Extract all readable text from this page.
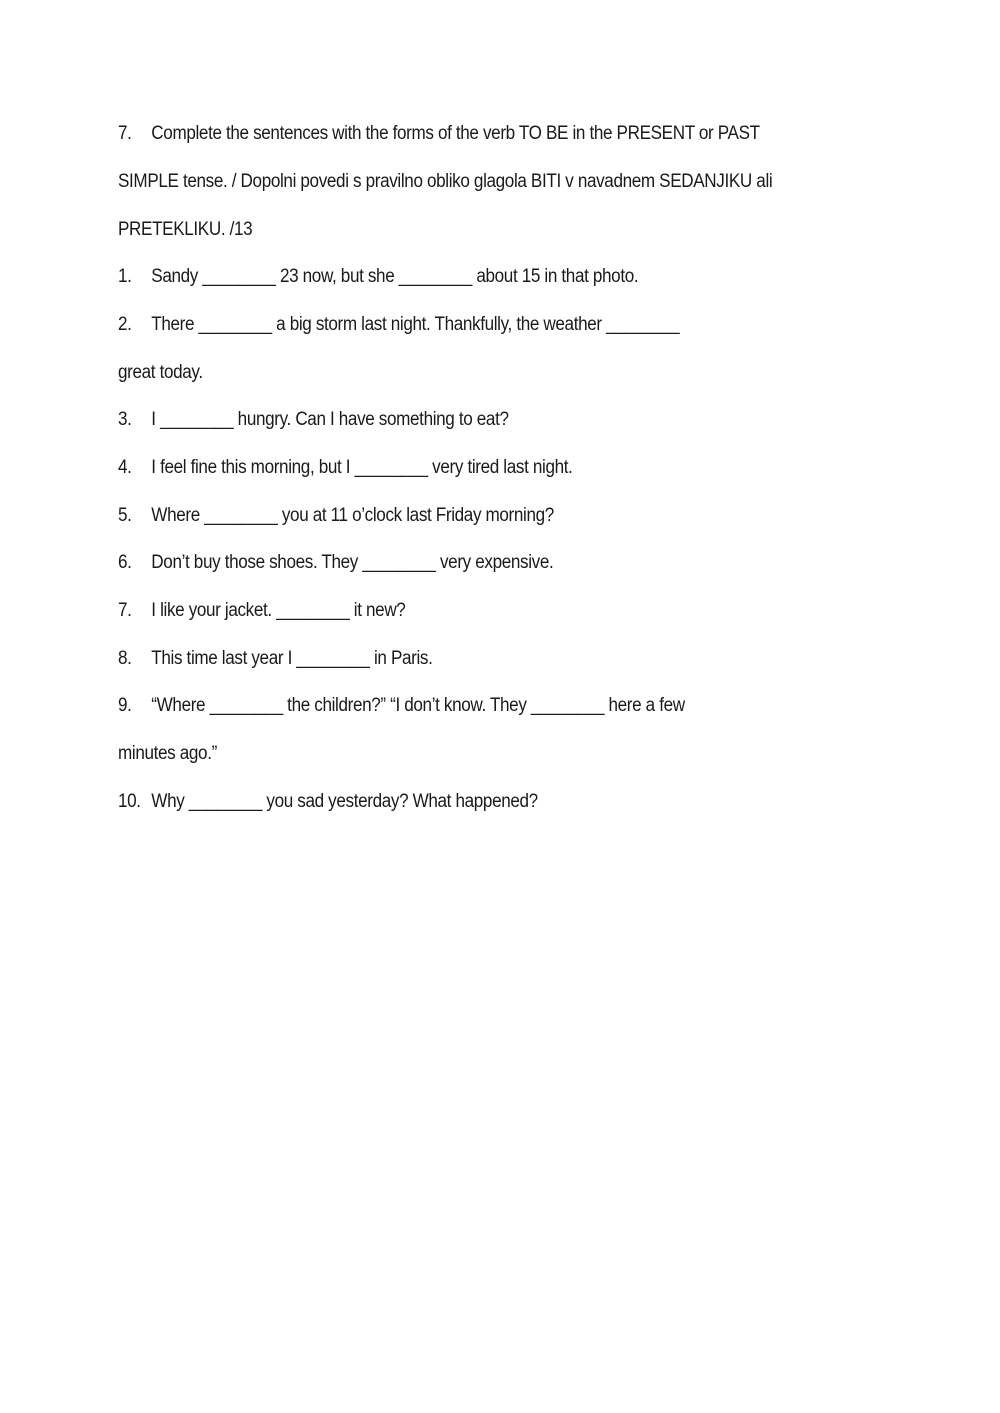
7. Complete the sentences with the forms of the verb TO BE in the PRESENT or PAST
SIMPLE tense. / Dopolni povedi s pravilno obliko glagola BITI v navadnem SEDANJIKU ali
PRETEKLIKU. /13
1. Sandy ________ 23 now, but she ________ about 15 in that photo.
2. There ________ a big storm last night. Thankfully, the weather ________
great today.
3. I ________ hungry. Can I have something to eat?
4. I feel fine this morning, but I ________ very tired last night.
5. Where ________ you at 11 o’clock last Friday morning?
6. Don’t buy those shoes. They ________ very expensive.
7. I like your jacket. ________ it new?
8. This time last year I ________ in Paris.
9. “Where ________ the children?” “I don’t know. They ________ here a few
minutes ago.”
10. Why ________ you sad yesterday? What happened?
